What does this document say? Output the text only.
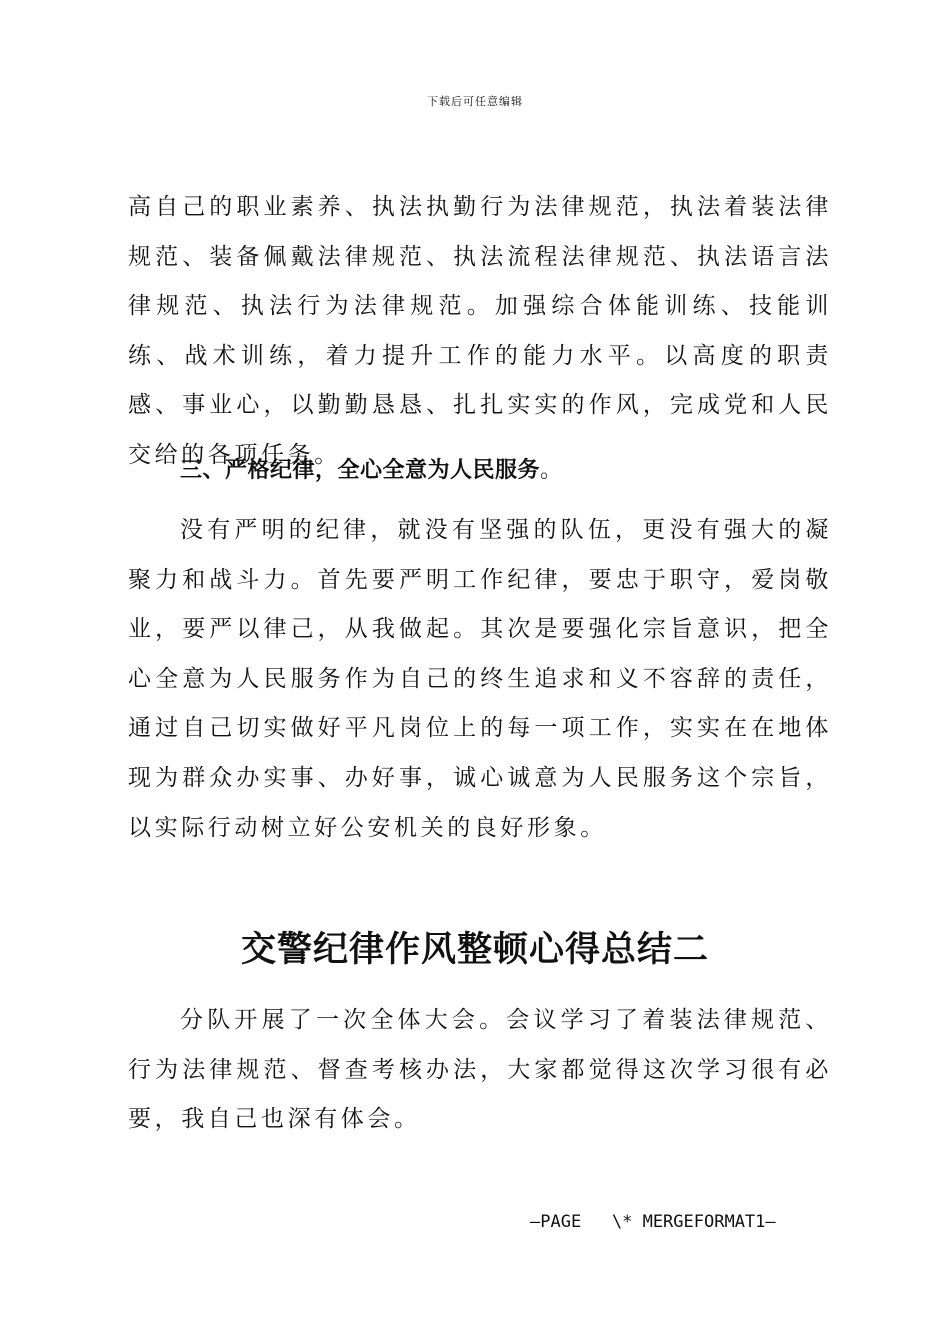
下载后可任意编辑

高自己的职业素养、执法执勤行为法律规范，执法着装法律规范、装备佩戴法律规范、执法流程法律规范、执法语言法律规范、执法行为法律规范。加强综合体能训练、技能训练、战术训练，着力提升工作的能力水平。以高度的职责感、事业心，以勤勤恳恳、扎扎实实的作风，完成党和人民交给的各项任务。

三、严格纪律，全心全意为人民服务。

没有严明的纪律，就没有坚强的队伍，更没有强大的凝聚力和战斗力。首先要严明工作纪律，要忠于职守，爱岗敬业，要严以律己，从我做起。其次是要强化宗旨意识，把全心全意为人民服务作为自己的终生追求和义不容辞的责任，通过自己切实做好平凡岗位上的每一项工作，实实在在地体现为群众办实事、办好事，诚心诚意为人民服务这个宗旨，以实际行动树立好公安机关的良好形象。

交警纪律作风整顿心得总结二

分队开展了一次全体大会。会议学习了着装法律规范、行为法律规范、督查考核办法，大家都觉得这次学习很有必要，我自己也深有体会。

—PAGE   \* MERGEFORMAT1—
